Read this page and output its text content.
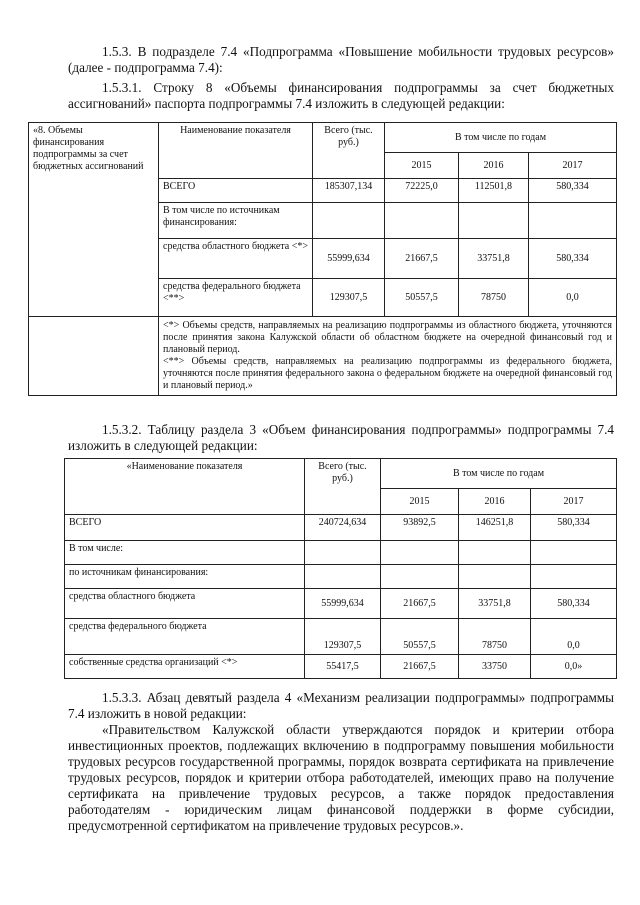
1.5.3. В подразделе 7.4 «Подпрограмма «Повышение мобильности трудовых ресурсов» (далее - подпрограмма 7.4):
1.5.3.1. Строку 8 «Объемы финансирования подпрограммы за счет бюджетных ассигнований» паспорта подпрограммы 7.4 изложить в следующей редакции:
«8. Объемы финансирования подпрограммы за счет бюджетных ассигнований	Наименование показателя	Всего (тыс. руб.)	В том числе по годам		
			2015	2016	2017
	ВСЕГО	185307,134	72225,0	112501,8	580,334
	В том числе по источникам финансирования:				
	средства областного бюджета <*>	55999,634	21667,5	33751,8	580,334
	средства федерального бюджета <**>	129307,5	50557,5	78750	0,0

	<*> Объемы средств, направляемых на реализацию подпрограммы из областного бюджета, уточняются после принятия закона Калужской области об областном бюджете на очередной финансовый год и плановый период.
<**> Объемы средств, направляемых на реализацию подпрограммы из федерального бюджета, уточняются после принятия федерального закона о федеральном бюджете на очередной финансовый год и плановый период.»				
1.5.3.2. Таблицу раздела 3 «Объем финансирования подпрограммы» подпрограммы 7.4 изложить в следующей редакции:
«Наименование показателя	Всего (тыс. руб.)	В том числе по годам		
		2015	2016	2017
ВСЕГО	240724,634	93892,5	146251,8	580,334
В том числе:				
по источникам финансирования:				
средства областного бюджета	55999,634	21667,5	33751,8	580,334
средства федерального бюджета	129307,5	50557,5	78750	0,0
собственные средства организаций <*>	55417,5	21667,5	33750	0,0»
1.5.3.3. Абзац девятый раздела 4 «Механизм реализации подпрограммы» подпрограммы 7.4 изложить в новой редакции:
«Правительством Калужской области утверждаются порядок и критерии отбора инвестиционных проектов, подлежащих включению в подпрограмму повышения мобильности трудовых ресурсов государственной программы, порядок возврата сертификата на привлечение трудовых ресурсов, порядок и критерии отбора работодателей, имеющих право на получение сертификата на привлечение трудовых ресурсов, а также порядок предоставления работодателям - юридическим лицам финансовой поддержки в форме субсидии, предусмотренной сертификатом на привлечение трудовых ресурсов.».
